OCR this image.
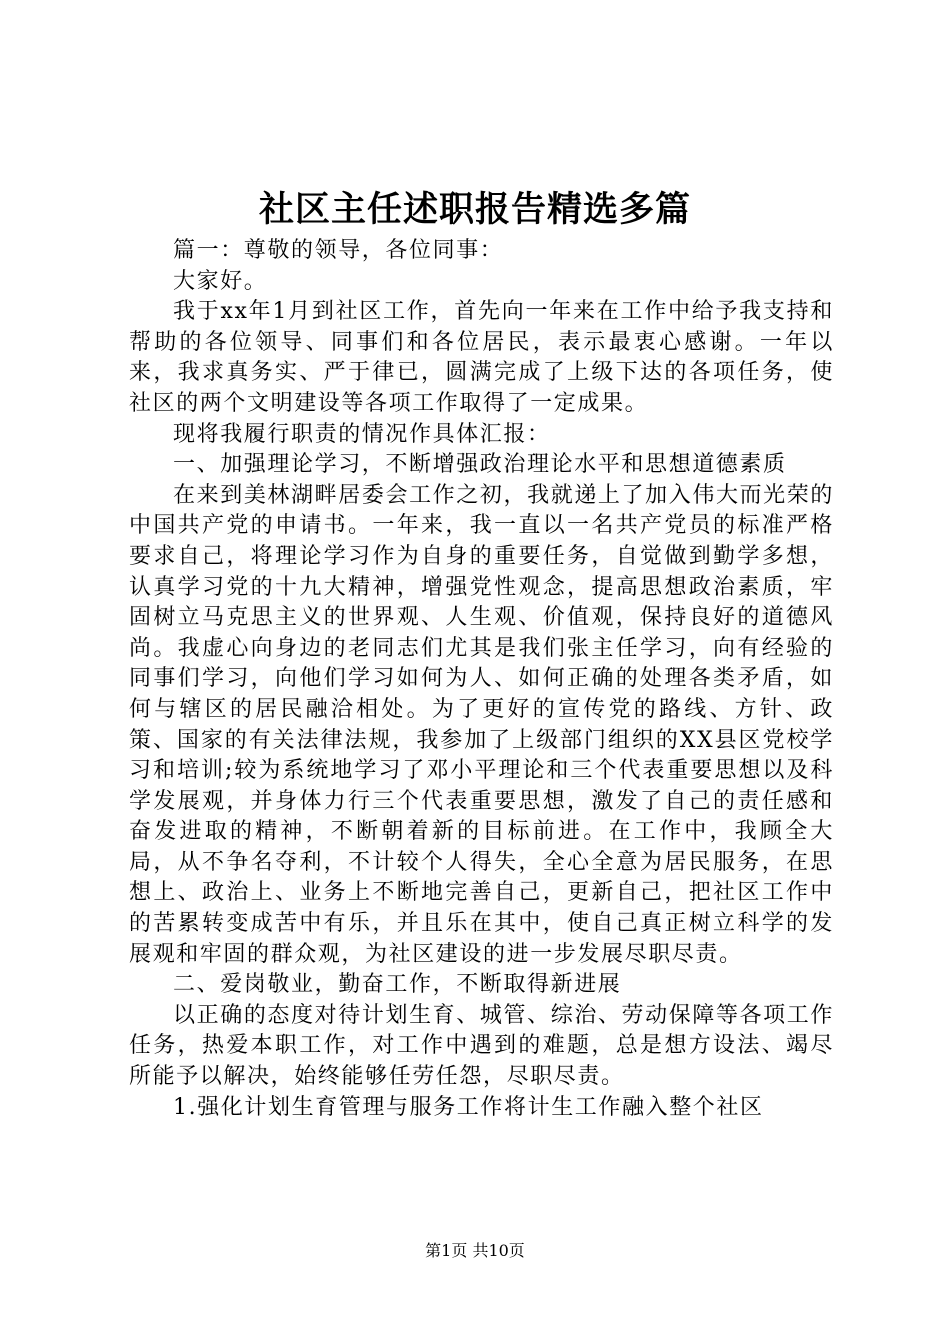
社区主任述职报告精选多篇

篇一：尊敬的领导，各位同事：

大家好。

我于xx年1月到社区工作，首先向一年来在工作中给予我支持和帮助的各位领导、同事们和各位居民，表示最衷心感谢。一年以来，我求真务实、严于律已，圆满完成了上级下达的各项任务，使社区的两个文明建设等各项工作取得了一定成果。

现将我履行职责的情况作具体汇报：

一、加强理论学习，不断增强政治理论水平和思想道德素质

在来到美林湖畔居委会工作之初，我就递上了加入伟大而光荣的中国共产党的申请书。一年来，我一直以一名共产党员的标准严格要求自己，将理论学习作为自身的重要任务，自觉做到勤学多想，认真学习党的十九大精神，增强党性观念，提高思想政治素质，牢固树立马克思主义的世界观、人生观、价值观，保持良好的道德风尚。我虚心向身边的老同志们尤其是我们张主任学习，向有经验的同事们学习，向他们学习如何为人、如何正确的处理各类矛盾，如何与辖区的居民融洽相处。为了更好的宣传党的路线、方针、政策、国家的有关法律法规，我参加了上级部门组织的XX县区党校学习和培训;较为系统地学习了邓小平理论和三个代表重要思想以及科学发展观，并身体力行三个代表重要思想，激发了自己的责任感和奋发进取的精神，不断朝着新的目标前进。在工作中，我顾全大局，从不争名夺利，不计较个人得失，全心全意为居民服务，在思想上、政治上、业务上不断地完善自己，更新自己，把社区工作中的苦累转变成苦中有乐，并且乐在其中，使自己真正树立科学的发展观和牢固的群众观，为社区建设的进一步发展尽职尽责。

二、爱岗敬业，勤奋工作，不断取得新进展

以正确的态度对待计划生育、城管、综治、劳动保障等各项工作任务，热爱本职工作，对工作中遇到的难题，总是想方设法、竭尽所能予以解决，始终能够任劳任怨，尽职尽责。

1.强化计划生育管理与服务工作将计生工作融入整个社区

第1页 共10页
